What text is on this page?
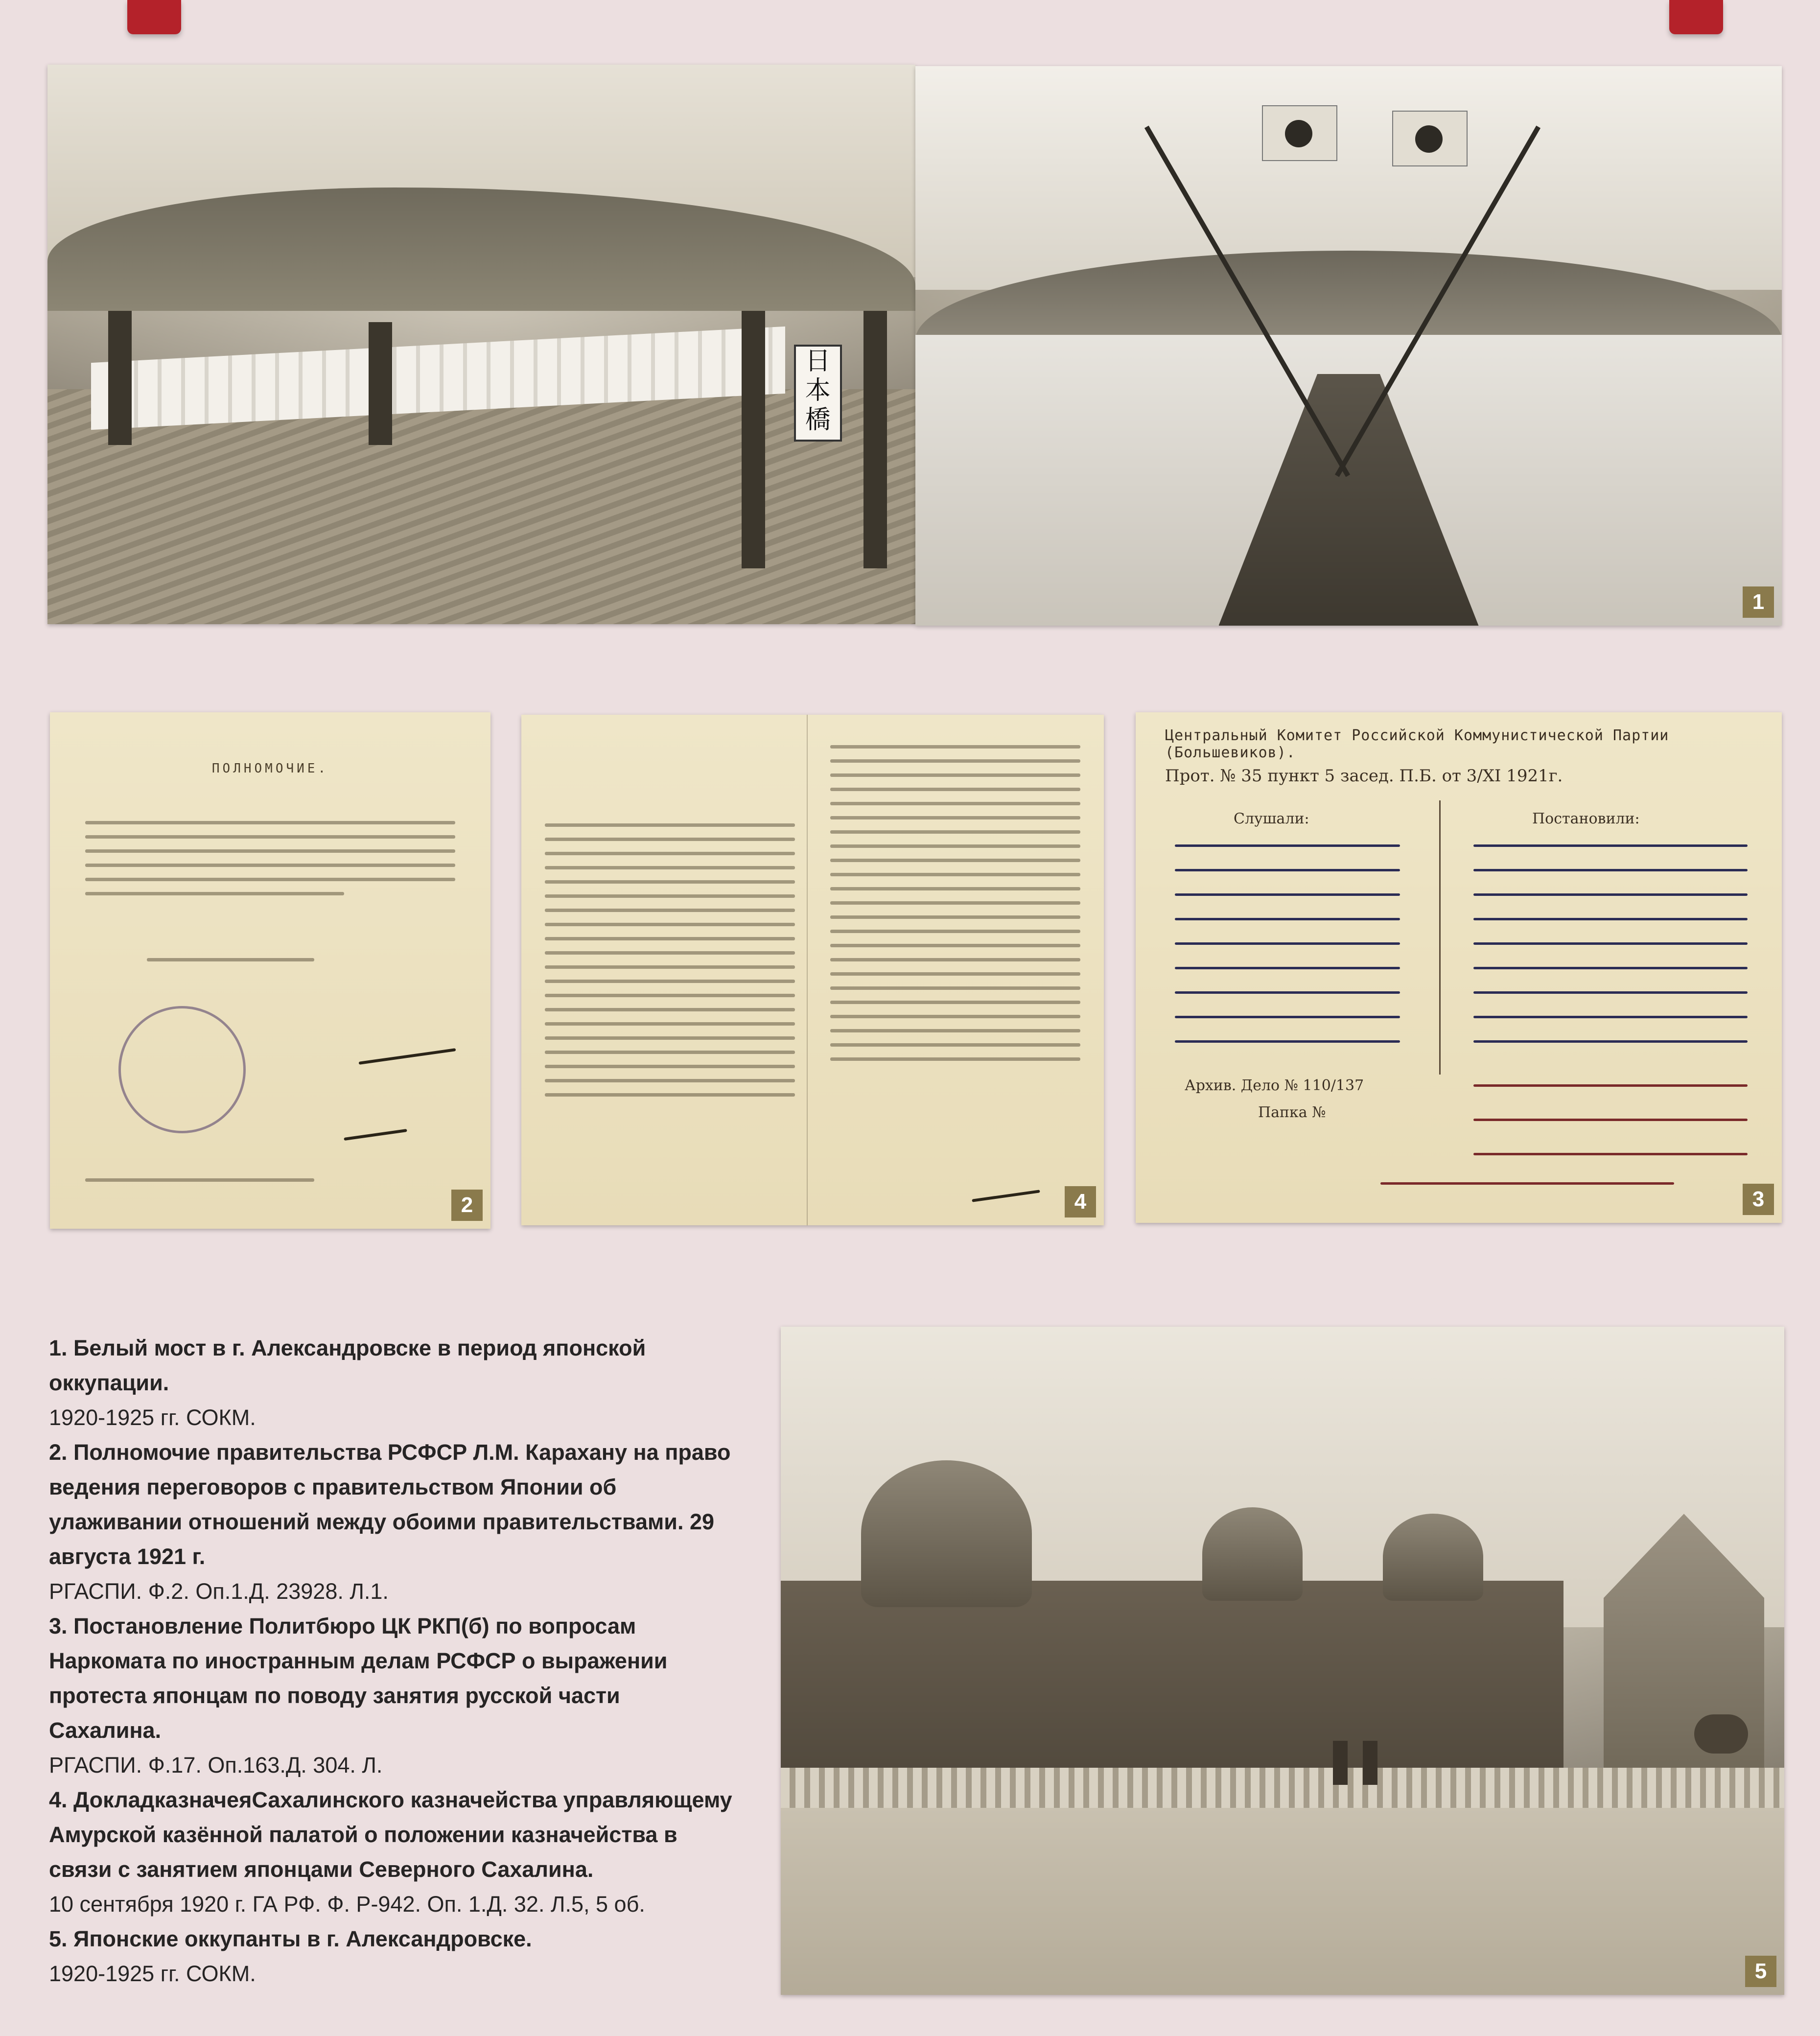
日本橋
1
ПОЛНОМОЧИЕ.
2	4
Центральный Комитет Российской Коммунистической Партии (Большевиков).
Прот. № 35 пункт 5 засед. П.Б. от 3/XI 1921г.
Слушали:	Постановили:
Архив. Дело № 110/137
Папка №
3
1. Белый мост в г. Александровске в период японской оккупации.
1920-1925 гг. СОКМ.
2. Полномочие правительства РСФСР Л.М. Карахану на право ведения переговоров с правительством Японии об улаживании отношений между обоими правительствами. 29 августа 1921 г.
РГАСПИ. Ф.2. Оп.1.Д. 23928. Л.1.
3. Постановление Политбюро ЦК РКП(б) по вопросам Наркомата по иностранным делам РСФСР о выражении протеста японцам по поводу занятия русской части Сахалина.
РГАСПИ. Ф.17. Оп.163.Д. 304. Л.
4. ДокладказначеяСахалинского казначейства управляющему Амурской казённой палатой о положении казначейства в связи с занятием японцами Северного Сахалина.
10 сентября 1920 г. ГА РФ. Ф. Р-942. Оп. 1.Д. 32. Л.5, 5 об.
5. Японские оккупанты в г. Александровске.
1920-1925 гг. СОКМ.	5
